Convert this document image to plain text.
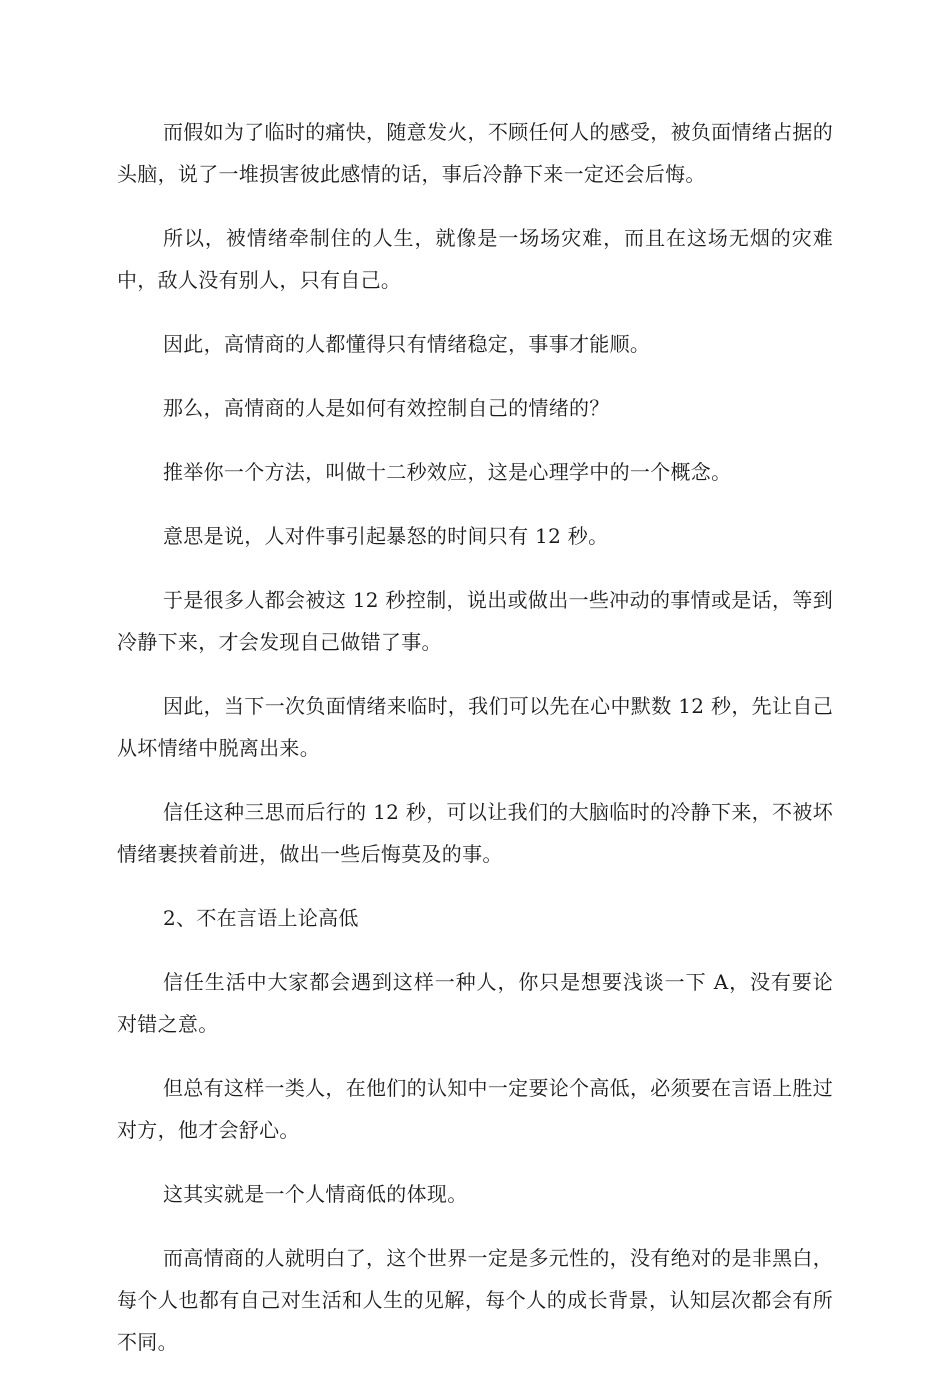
而假如为了临时的痛快，随意发火，不顾任何人的感受，被负面情绪占据的头脑，说了一堆损害彼此感情的话，事后冷静下来一定还会后悔。

所以，被情绪牵制住的人生，就像是一场场灾难，而且在这场无烟的灾难中，敌人没有别人，只有自己。

因此，高情商的人都懂得只有情绪稳定，事事才能顺。

那么，高情商的人是如何有效控制自己的情绪的？

推举你一个方法，叫做十二秒效应，这是心理学中的一个概念。

意思是说，人对件事引起暴怒的时间只有 12 秒。

于是很多人都会被这 12 秒控制，说出或做出一些冲动的事情或是话，等到冷静下来，才会发现自己做错了事。

因此，当下一次负面情绪来临时，我们可以先在心中默数 12 秒，先让自己从坏情绪中脱离出来。

信任这种三思而后行的 12 秒，可以让我们的大脑临时的冷静下来，不被坏情绪裹挟着前进，做出一些后悔莫及的事。

2、不在言语上论高低

信任生活中大家都会遇到这样一种人，你只是想要浅谈一下 A，没有要论对错之意。

但总有这样一类人，在他们的认知中一定要论个高低，必须要在言语上胜过对方，他才会舒心。

这其实就是一个人情商低的体现。

而高情商的人就明白了，这个世界一定是多元性的，没有绝对的是非黑白，每个人也都有自己对生活和人生的见解，每个人的成长背景，认知层次都会有所不同。
